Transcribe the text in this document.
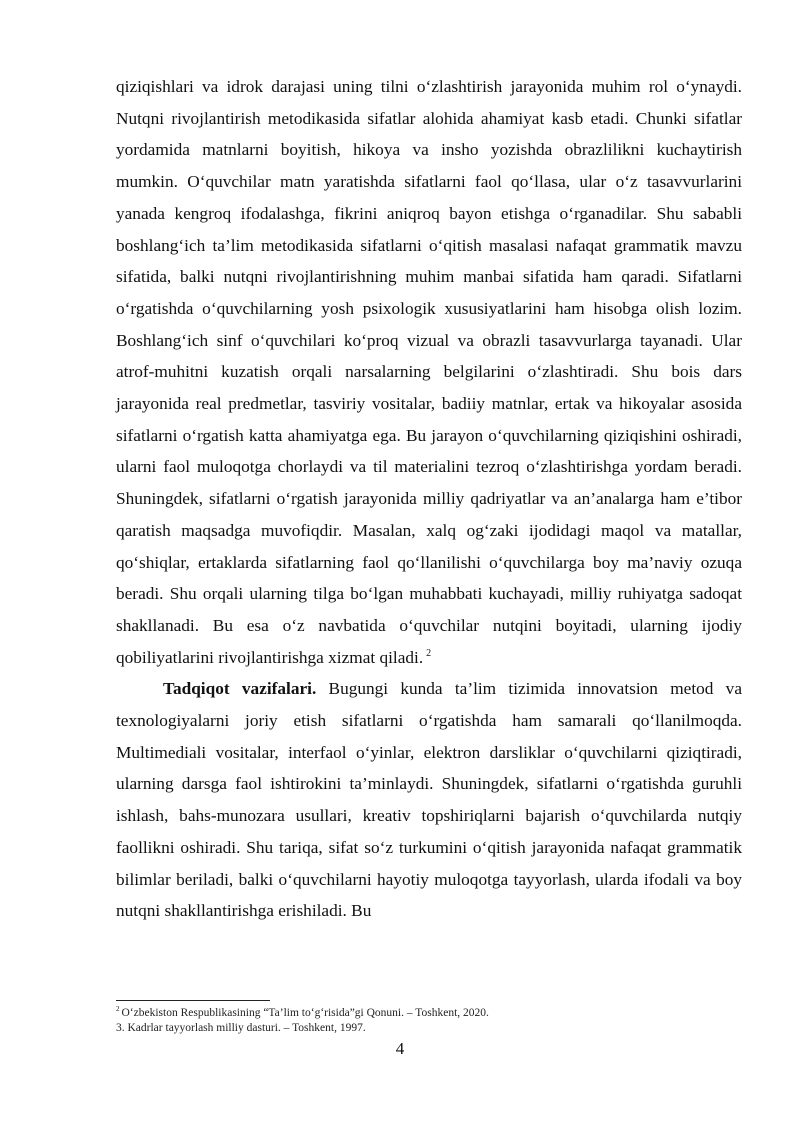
qiziqishlari va idrok darajasi uning tilni o‘zlashtirish jarayonida muhim rol o‘ynaydi. Nutqni rivojlantirish metodikasida sifatlar alohida ahamiyat kasb etadi. Chunki sifatlar yordamida matnlarni boyitish, hikoya va insho yozishda obrazlilikni kuchaytirish mumkin. O‘quvchilar matn yaratishda sifatlarni faol qo‘llasa, ular o‘z tasavvurlarini yanada kengroq ifodalashga, fikrini aniqroq bayon etishga o‘rganadilar. Shu sababli boshlang‘ich ta’lim metodikasida sifatlarni o‘qitish masalasi nafaqat grammatik mavzu sifatida, balki nutqni rivojlantirishning muhim manbai sifatida ham qaradi. Sifatlarni o‘rgatishda o‘quvchilarning yosh psixologik xususiyatlarini ham hisobga olish lozim. Boshlang‘ich sinf o‘quvchilari ko‘proq vizual va obrazli tasavvurlarga tayanadi. Ular atrof-muhitni kuzatish orqali narsalarning belgilarini o‘zlashtiradi. Shu bois dars jarayonida real predmetlar, tasviriy vositalar, badiiy matnlar, ertak va hikoyalar asosida sifatlarni o‘rgatish katta ahamiyatga ega. Bu jarayon o‘quvchilarning qiziqishini oshiradi, ularni faol muloqotga chorlaydi va til materialini tezroq o‘zlashtirishga yordam beradi. Shuningdek, sifatlarni o‘rgatish jarayonida milliy qadriyatlar va an’analarga ham e’tibor qaratish maqsadga muvofiqdir. Masalan, xalq og‘zaki ijodidagi maqol va matallar, qo‘shiqlar, ertaklarda sifatlarning faol qo‘llanilishi o‘quvchilarga boy ma’naviy ozuqa beradi. Shu orqali ularning tilga bo‘lgan muhabbati kuchayadi, milliy ruhiyatga sadoqat shakllanadi. Bu esa o‘z navbatida o‘quvchilar nutqini boyitadi, ularning ijodiy qobiliyatlarini rivojlantirishga xizmat qiladi. $^2$

Tadqiqot vazifalari. Bugungi kunda ta’lim tizimida innovatsion metod va texnologiyalarni joriy etish sifatlarni o‘rgatishda ham samarali qo‘llanilmoqda. Multimediali vositalar, interfaol o‘yinlar, elektron darsliklar o‘quvchilarni qiziqtiradi, ularning darsga faol ishtirokini ta’minlaydi. Shuningdek, sifatlarni o‘rgatishda guruhli ishlash, bahs-munozara usullari, kreativ topshiriqlarni bajarish o‘quvchilarda nutqiy faollikni oshiradi. Shu tariqa, sifat so‘z turkumini o‘qitish jarayonida nafaqat grammatik bilimlar beriladi, balki o‘quvchilarni hayotiy muloqotga tayyorlash, ularda ifodali va boy nutqni shakllantirishga erishiladi. Bu

$^2$ O‘zbekiston Respublikasining “Ta’lim to‘g‘risida”gi Qonuni. – Toshkent, 2020.

3. Kadrlar tayyorlash milliy dasturi. – Toshkent, 1997.

4
